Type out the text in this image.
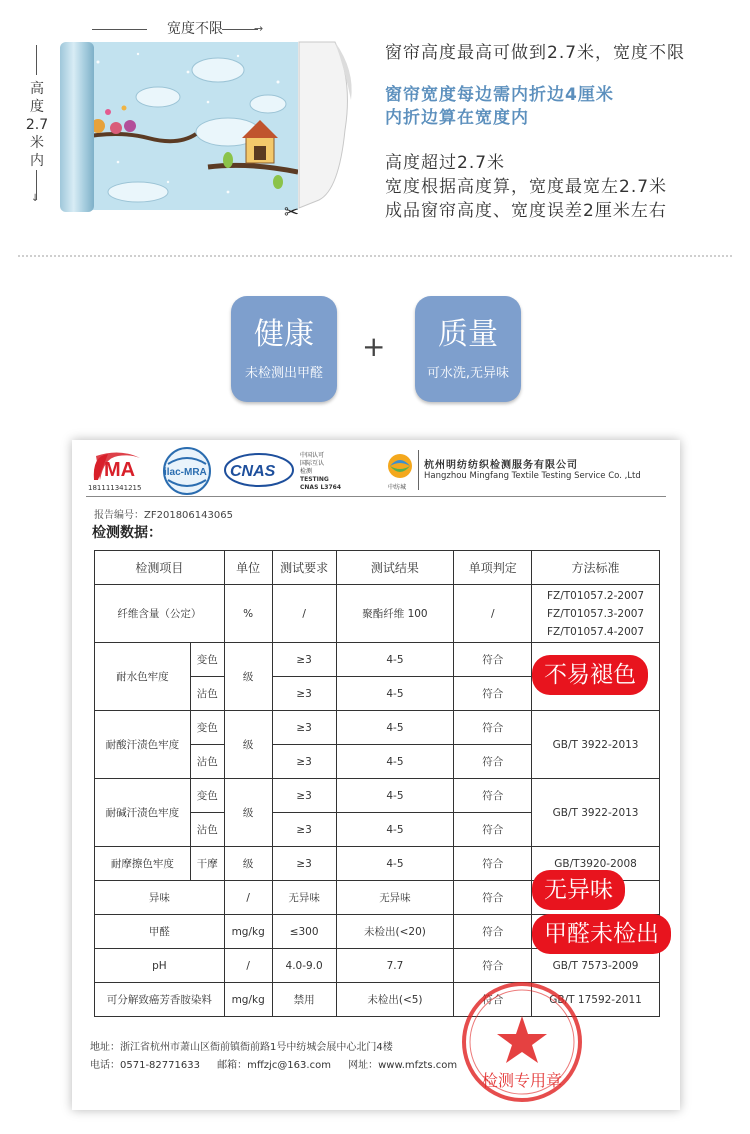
宽度不限	→
高
度
2.7
米
内
↓
✂
窗帘高度最高可做到2.7米，宽度不限
窗帘宽度每边需内折边4厘米
内折边算在宽度内
高度超过2.7米
宽度根据高度算，宽度最宽左2.7米
成品窗帘高度、宽度误差2厘米左右
健康
未检测出甲醛
+	质量
可水洗,无异味
MA
181111341215
ilac-MRA CNAS
中国认可
国际互认
检测
TESTING
CNAS L3764	中纺城
杭州明纺纺织检测服务有限公司
Hangzhou Mingfang Textile Testing Service Co. ,Ltd
报告编号：ZF201806143065
检测数据：
检测项目		单位	测试要求	测试结果	单项判定	方法标准
纤维含量（公定）		%	/	聚酯纤维 100	/	FZ/T01057.2-2007
FZ/T01057.3-2007
FZ/T01057.4-2007

耐水色牢度	变色	级	≥3	4-5	符合	
	沾色		≥3	4-5	符合	
耐酸汗渍色牢度	变色	级	≥3	4-5	符合	GB/T 3922-2013
	沾色		≥3	4-5	符合	
耐碱汗渍色牢度	变色	级	≥3	4-5	符合	GB/T 3922-2013
	沾色		≥3	4-5	符合	
耐摩擦色牢度	干摩	级	≥3	4-5	符合	GB/T3920-2008
异味		/	无异味	无异味	符合	
甲醛		mg/kg	≤300	未检出(<20)	符合	
pH		/	4.0-9.0	7.7	符合	GB/T 7573-2009
可分解致癌芳香胺染料		mg/kg	禁用	未检出(<5)	符合	GB/T 17592-2011
地址：浙江省杭州市萧山区衙前镇衙前路1号中纺城会展中心北门4楼
电话：0571-82771633 邮箱：mffzjc@163.com 网址：www.mfzts.com
检测专用章
不易褪色
无异味
甲醛未检出
